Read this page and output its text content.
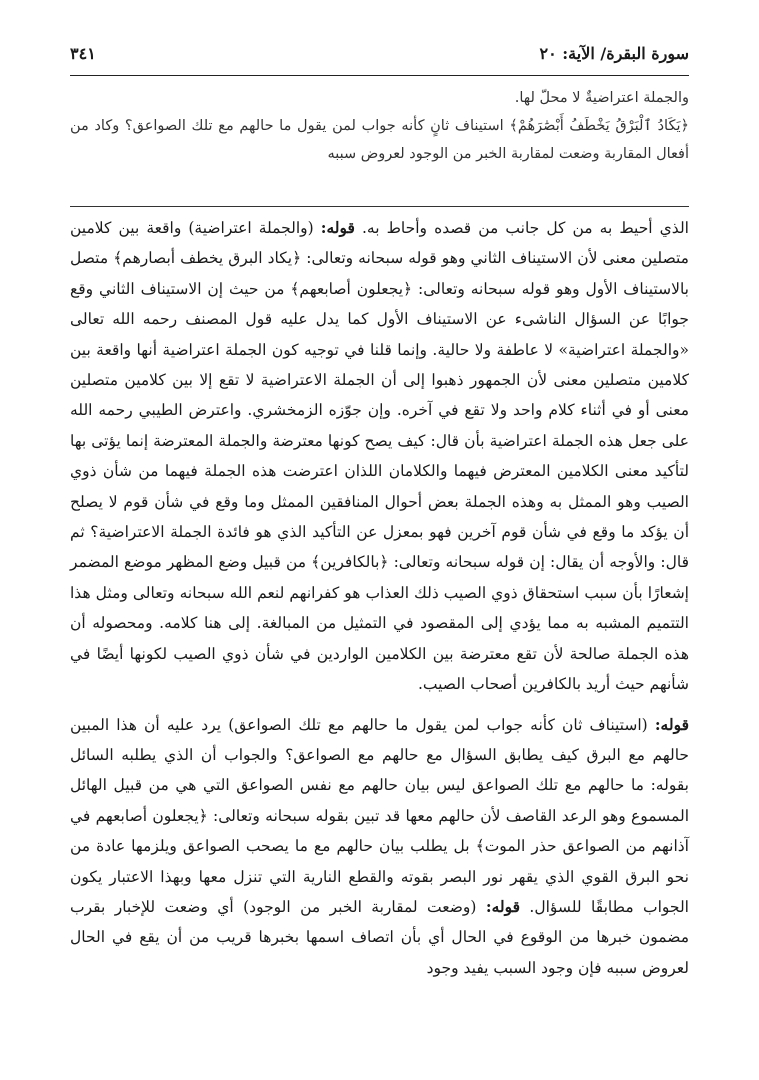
سورة البقرة/ الآية: ٢٠
٣٤١

والجملة اعتراضيةٌ لا محلّ لها.

﴿يَكَادُ ٱلْبَرْقُ يَخْطَفُ أَبْصَٰرَهُمْ﴾ استيناف ثانٍ كأنه جواب لمن يقول ما حالهم مع تلك الصواعق؟ وكاد من أفعال المقاربة وضعت لمقاربة الخبر من الوجود لعروض سببه

الذي أحيط به من كل جانب من قصده وأحاط به. قوله: (والجملة اعتراضية) واقعة بين كلامين متصلين معنى لأن الاستيناف الثاني وهو قوله سبحانه وتعالى: ﴿يكاد البرق يخطف أبصارهم﴾ متصل بالاستيناف الأول وهو قوله سبحانه وتعالى: ﴿يجعلون أصابعهم﴾ من حيث إن الاستيناف الثاني وقع جوابًا عن السؤال الناشىء عن الاستيناف الأول كما يدل عليه قول المصنف رحمه الله تعالى «والجملة اعتراضية» لا عاطفة ولا حالية. وإنما قلنا في توجيه كون الجملة اعتراضية أنها واقعة بين كلامين متصلين معنى لأن الجمهور ذهبوا إلى أن الجملة الاعتراضية لا تقع إلا بين كلامين متصلين معنى أو في أثناء كلام واحد ولا تقع في آخره. وإن جوّزه الزمخشري. واعترض الطيبي رحمه الله على جعل هذه الجملة اعتراضية بأن قال: كيف يصح كونها معترضة والجملة المعترضة إنما يؤتى بها لتأكيد معنى الكلامين المعترض فيهما والكلامان اللذان اعترضت هذه الجملة فيهما من شأن ذوي الصيب وهو الممثل به وهذه الجملة بعض أحوال المنافقين الممثل وما وقع في شأن قوم لا يصلح أن يؤكد ما وقع في شأن قوم آخرين فهو بمعزل عن التأكيد الذي هو فائدة الجملة الاعتراضية؟ ثم قال: والأوجه أن يقال: إن قوله سبحانه وتعالى: ﴿بالكافرين﴾ من قبيل وضع المظهر موضع المضمر إشعارًا بأن سبب استحقاق ذوي الصيب ذلك العذاب هو كفرانهم لنعم الله سبحانه وتعالى ومثل هذا التتميم المشبه به مما يؤدي إلى المقصود في التمثيل من المبالغة. إلى هنا كلامه. ومحصوله أن هذه الجملة صالحة لأن تقع معترضة بين الكلامين الواردين في شأن ذوي الصيب لكونها أيضًا في شأنهم حيث أريد بالكافرين أصحاب الصيب.

قوله: (استيناف ثان كأنه جواب لمن يقول ما حالهم مع تلك الصواعق) يرد عليه أن هذا المبين حالهم مع البرق كيف يطابق السؤال مع حالهم مع الصواعق؟ والجواب أن الذي يطلبه السائل بقوله: ما حالهم مع تلك الصواعق ليس بيان حالهم مع نفس الصواعق التي هي من قبيل الهائل المسموع وهو الرعد القاصف لأن حالهم معها قد تبين بقوله سبحانه وتعالى: ﴿يجعلون أصابعهم في آذانهم من الصواعق حذر الموت﴾ بل يطلب بيان حالهم مع ما يصحب الصواعق ويلزمها عادة من نحو البرق القوي الذي يقهر نور البصر بقوته والقطع النارية التي تنزل معها وبهذا الاعتبار يكون الجواب مطابقًا للسؤال. قوله: (وضعت لمقاربة الخبر من الوجود) أي وضعت للإخبار بقرب مضمون خبرها من الوقوع في الحال أي بأن اتصاف اسمها بخبرها قريب من أن يقع في الحال لعروض سببه فإن وجود السبب يفيد وجود
